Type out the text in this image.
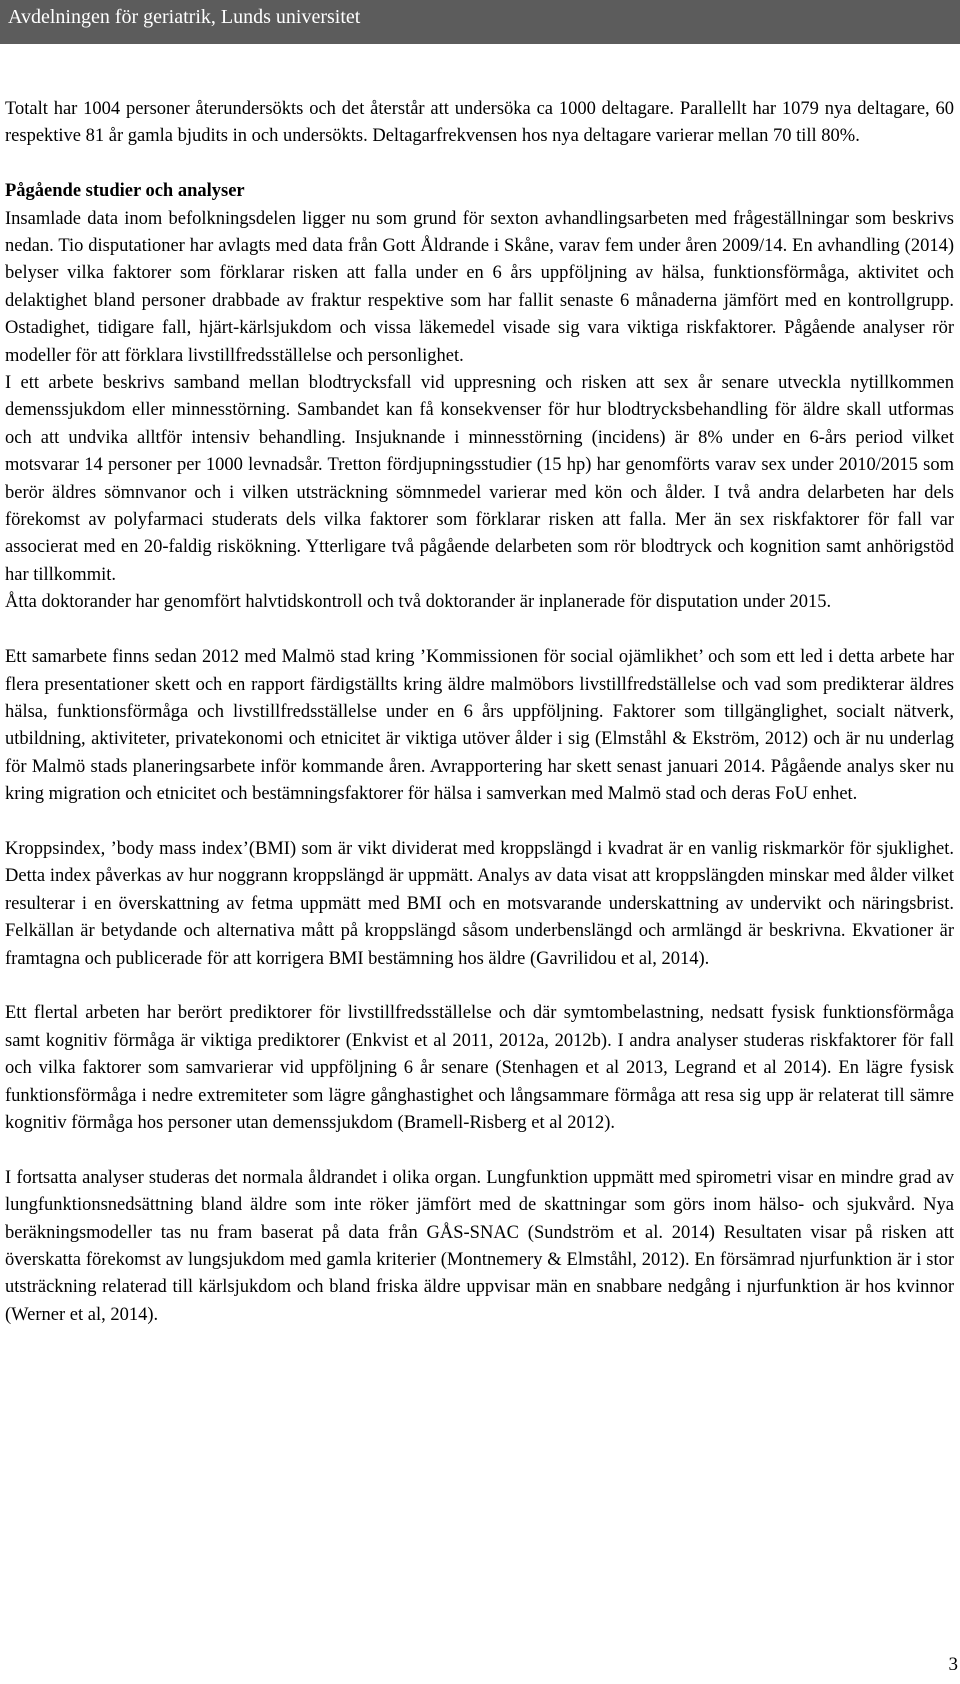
Avdelningen för geriatrik, Lunds universitet

Totalt har 1004 personer återundersökts och det återstår att undersöka ca 1000 deltagare. Parallellt har 1079 nya deltagare, 60 respektive 81 år gamla bjudits in och undersökts. Deltagarfrekvensen hos nya deltagare varierar mellan 70 till 80%.

Pågående studier och analyser

Insamlade data inom befolkningsdelen ligger nu som grund för sexton avhandlingsarbeten med frågeställningar som beskrivs nedan. Tio disputationer har avlagts med data från Gott Åldrande i Skåne, varav fem under åren 2009/14. En avhandling (2014) belyser vilka faktorer som förklarar risken att falla under en 6 års uppföljning av hälsa, funktionsförmåga, aktivitet och delaktighet bland personer drabbade av fraktur respektive som har fallit senaste 6 månaderna jämfört med en kontrollgrupp. Ostadighet, tidigare fall, hjärt-kärlsjukdom och vissa läkemedel visade sig vara viktiga riskfaktorer. Pågående analyser rör modeller för att förklara livstillfredsställelse och personlighet.

I ett arbete beskrivs samband mellan blodtrycksfall vid uppresning och risken att sex år senare utveckla nytillkommen demenssjukdom eller minnesstörning. Sambandet kan få konsekvenser för hur blodtrycksbehandling för äldre skall utformas och att undvika alltför intensiv behandling. Insjuknande i minnesstörning (incidens) är 8% under en 6-års period vilket motsvarar 14 personer per 1000 levnadsår. Tretton fördjupningsstudier (15 hp) har genomförts varav sex under 2010/2015 som berör äldres sömnvanor och i vilken utsträckning sömnmedel varierar med kön och ålder. I två andra delarbeten har dels förekomst av polyfarmaci studerats dels vilka faktorer som förklarar risken att falla. Mer än sex riskfaktorer för fall var associerat med en 20-faldig riskökning. Ytterligare två pågående delarbeten som rör blodtryck och kognition samt anhörigstöd har tillkommit.

Åtta doktorander har genomfört halvtidskontroll och två doktorander är inplanerade för disputation under 2015.

Ett samarbete finns sedan 2012 med Malmö stad kring ’Kommissionen för social ojämlikhet’ och som ett led i detta arbete har flera presentationer skett och en rapport färdigställts kring äldre malmöbors livstillfredställelse och vad som predikterar äldres hälsa, funktionsförmåga och livstillfredsställelse under en 6 års uppföljning. Faktorer som tillgänglighet, socialt nätverk, utbildning, aktiviteter, privatekonomi och etnicitet är viktiga utöver ålder i sig (Elmståhl & Ekström, 2012) och är nu underlag för Malmö stads planeringsarbete inför kommande åren. Avrapportering har skett senast januari 2014. Pågående analys sker nu kring migration och etnicitet och bestämningsfaktorer för hälsa i samverkan med Malmö stad och deras FoU enhet.

Kroppsindex, ’body mass index’(BMI) som är vikt dividerat med kroppslängd i kvadrat är en vanlig riskmarkör för sjuklighet. Detta index påverkas av hur noggrann kroppslängd är uppmätt. Analys av data visat att kroppslängden minskar med ålder vilket resulterar i en överskattning av fetma uppmätt med BMI och en motsvarande underskattning av undervikt och näringsbrist. Felkällan är betydande och alternativa mått på kroppslängd såsom underbenslängd och armlängd är beskrivna. Ekvationer är framtagna och publicerade för att korrigera BMI bestämning hos äldre (Gavrilidou et al, 2014).

Ett flertal arbeten har berört prediktorer för livstillfredsställelse och där symtombelastning, nedsatt fysisk funktionsförmåga samt kognitiv förmåga är viktiga prediktorer (Enkvist et al 2011, 2012a, 2012b). I andra analyser studeras riskfaktorer för fall och vilka faktorer som samvarierar vid uppföljning 6 år senare (Stenhagen et al 2013, Legrand et al 2014). En lägre fysisk funktionsförmåga i nedre extremiteter som lägre gånghastighet och långsammare förmåga att resa sig upp är relaterat till sämre kognitiv förmåga hos personer utan demenssjukdom (Bramell-Risberg et al 2012).

I fortsatta analyser studeras det normala åldrandet i olika organ. Lungfunktion uppmätt med spirometri visar en mindre grad av lungfunktionsnedsättning bland äldre som inte röker jämfört med de skattningar som görs inom hälso- och sjukvård. Nya beräkningsmodeller tas nu fram baserat på data från GÅS-SNAC (Sundström et al. 2014) Resultaten visar på risken att överskatta förekomst av lungsjukdom med gamla kriterier (Montnemery & Elmståhl, 2012). En försämrad njurfunktion är i stor utsträckning relaterad till kärlsjukdom och bland friska äldre uppvisar män en snabbare nedgång i njurfunktion är hos kvinnor (Werner et al, 2014).

3
